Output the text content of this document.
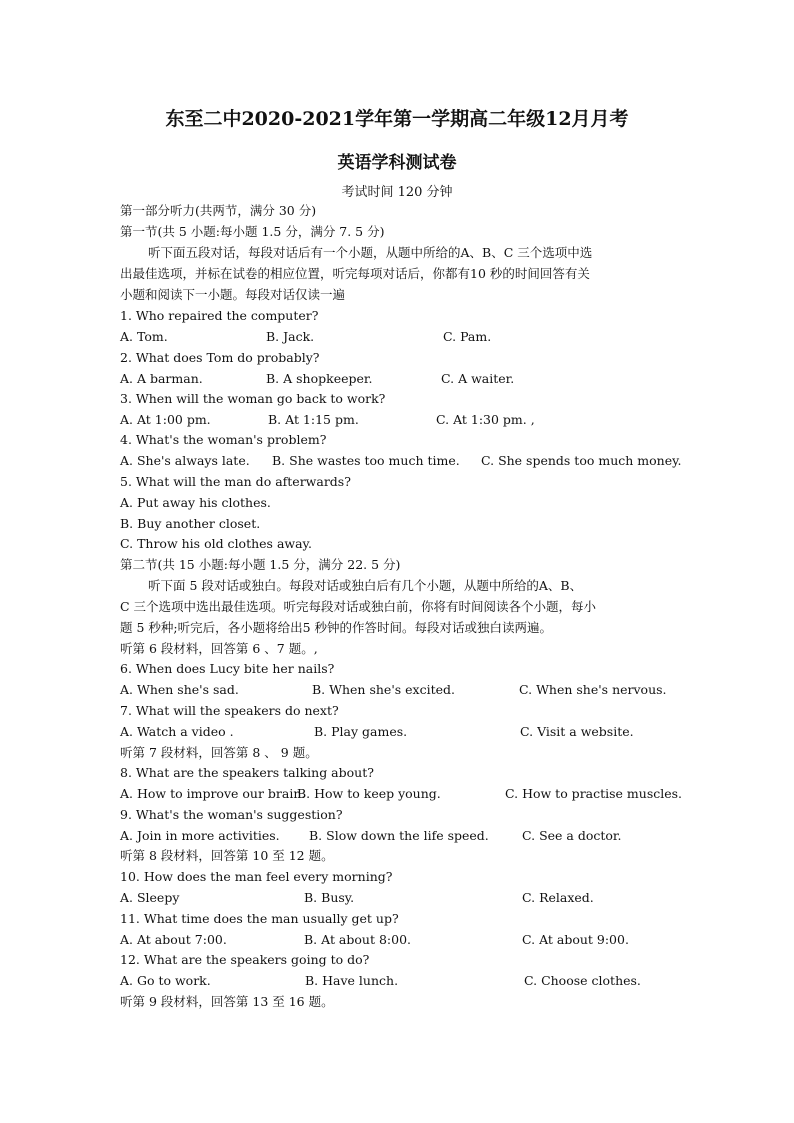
东至二中2020-2021学年第一学期高二年级12月月考
英语学科测试卷
考试时间 120 分钟
第一部分听力(共两节，满分 30 分)
第一节(共 5 小题:每小题 1.5 分，满分 7. 5 分)
听下面五段对话，每段对话后有一个小题，从题中所给的A、B、C 三个选项中选
出最佳选项，并标在试卷的相应位置，听完每项对话后，你都有10 秒的时间回答有关
小题和阅读下一小题。每段对话仅读一遍
1. Who repaired the computer?
A. Tom.	B. Jack.	C. Pam.
2. What does Tom do probably?
A. A barman.	B. A shopkeeper.	C. A waiter.
3. When will the woman go back to work?
A. At 1:00 pm.	B. At 1:15 pm.	C. At 1:30 pm. ,
4. What's the woman's problem?
A. She's always late. B. She wastes too much time. C. She spends too much money.
5. What will the man do afterwards?
A. Put away his clothes.
B. Buy another closet.
C. Throw his old clothes away.
第二节(共 15 小题:每小题 1.5 分，满分 22. 5 分)
听下面 5 段对话或独白。每段对话或独白后有几个小题，从题中所给的A、B、
C 三个选项中选出最佳选项。听完每段对话或独白前，你将有时间阅读各个小题，每小
题 5 秒种;听完后，各小题将给出5 秒钟的作答时间。每段对话或独白读两遍。
听第 6 段材料，回答第 6 、7 题。,
6. When does Lucy bite her nails?
A. When she's sad.	B. When she's excited.	C. When she's nervous.
7. What will the speakers do next?
A. Watch a video .	B. Play games.	C. Visit a website.
听第 7 段材料，回答第 8 、 9 题。
8. What are the speakers talking about?
A. How to improve our brain.
B. How to keep young.	C. How to practise muscles.
9. What's the woman's suggestion?
A. Join in more activities. B. Slow down the life speed.	C. See a doctor.
听第 8 段材料，回答第 10 至 12 题。
10. How does the man feel every morning?
A. Sleepy	B. Busy.	C. Relaxed.
11. What time does the man usually get up?
A. At about 7:00.	B. At about 8:00.	C. At about 9:00.
12. What are the speakers going to do?
A. Go to work.	B. Have lunch.	C. Choose clothes.
听第 9 段材料，回答第 13 至 16 题。
